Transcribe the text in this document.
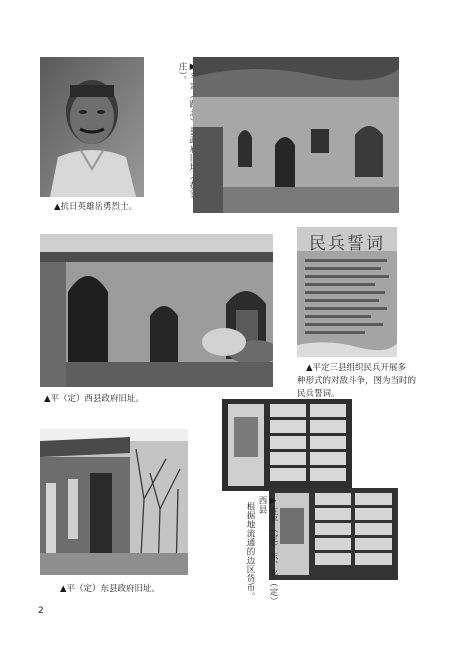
▲抗日英雄岳勇烈士。
庄）。
▲平（定）西县政府旧址。
民兵誓词
▲平定三县组织民兵开展多
种形式的对敌斗争，图为当时的
民兵誓词。
▲平（定）东县政府旧址。	▶在平（定）东、平（定）西县
根据地流通的边区货币。
2
